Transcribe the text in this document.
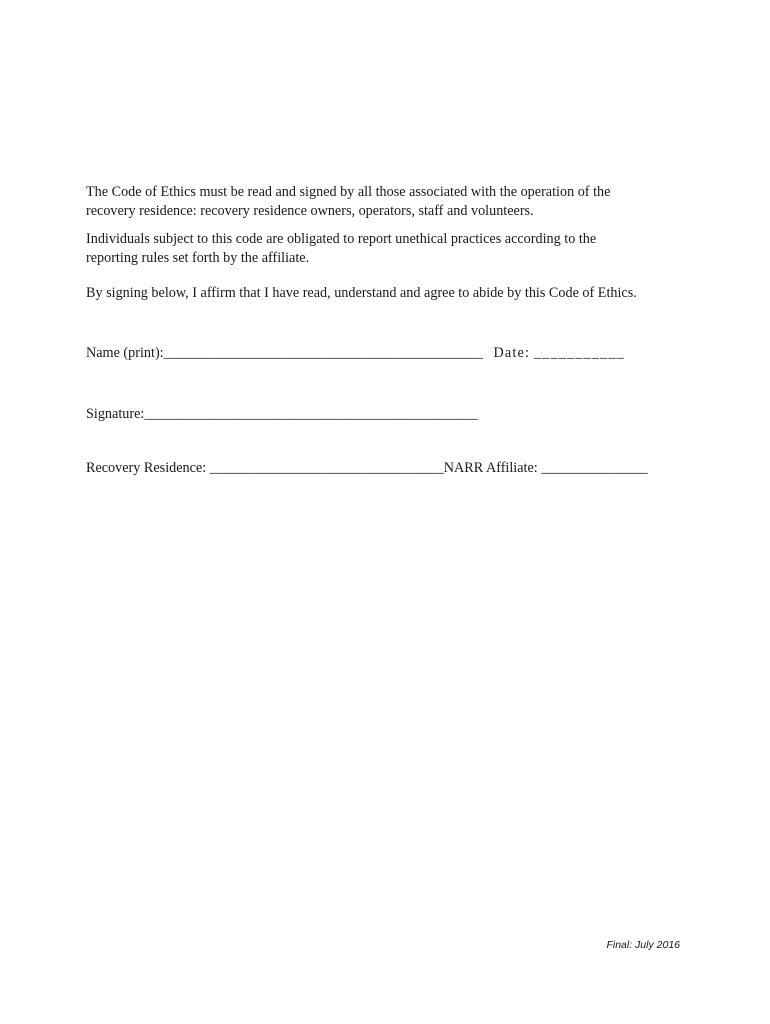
The Code of Ethics must be read and signed by all those associated with the operation of the
recovery residence: recovery residence owners, operators, staff and volunteers.

Individuals subject to this code are obligated to report unethical practices according to the
reporting rules set forth by the affiliate.

By signing below, I affirm that I have read, understand and agree to abide by this Code of Ethics.

Name (print):_____________________________________________ Date: ___________

Signature:_______________________________________________

Recovery Residence: _________________________________NARR Affiliate: _______________

Final: July 2016
